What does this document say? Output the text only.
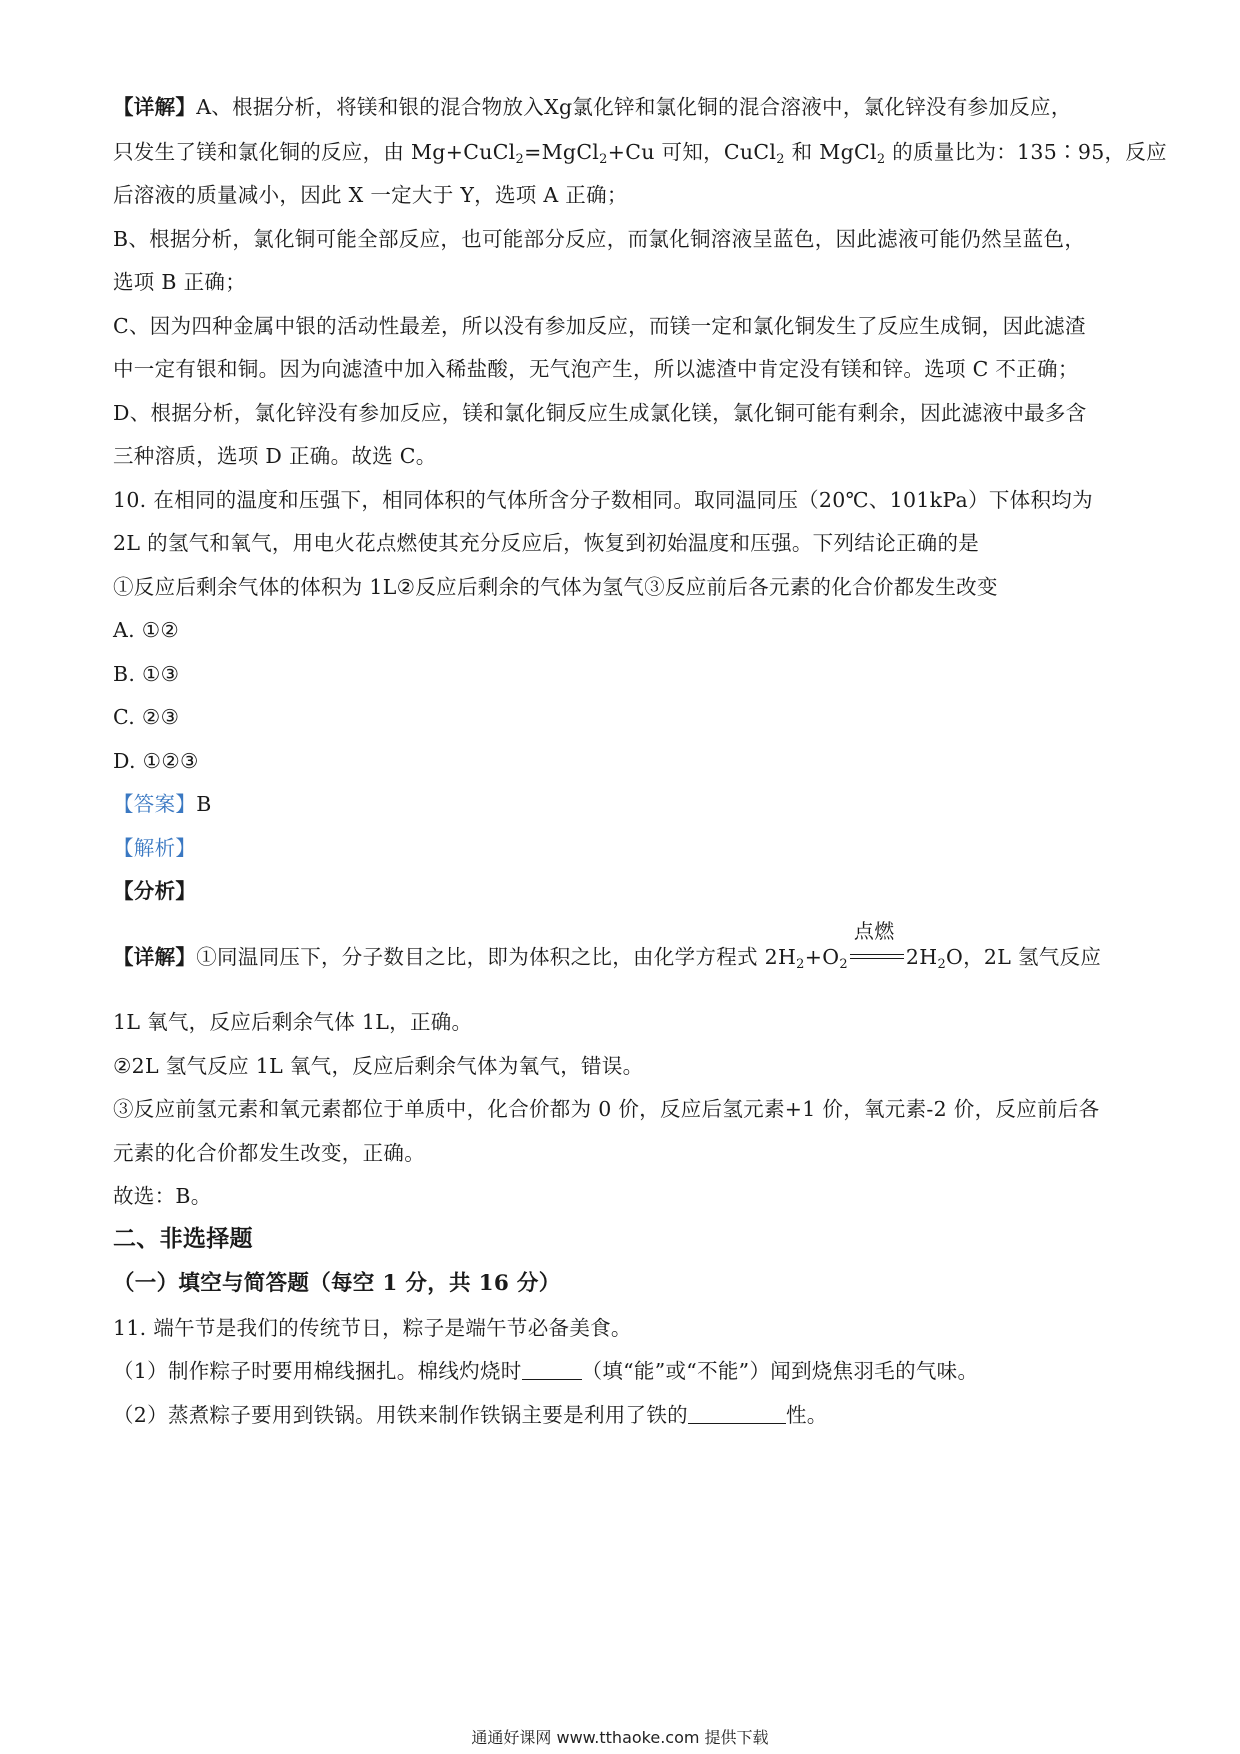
【详解】A、根据分析，将镁和银的混合物放入Xg氯化锌和氯化铜的混合溶液中，氯化锌没有参加反应，
只发生了镁和氯化铜的反应，由 Mg+CuCl$_2$=MgCl$_2$+Cu 可知，CuCl$_2$ 和 MgCl$_2$ 的质量比为：135∶95，反应
后溶液的质量减小，因此 X 一定大于 Y，选项 A 正确；
B、根据分析，氯化铜可能全部反应，也可能部分反应，而氯化铜溶液呈蓝色，因此滤液可能仍然呈蓝色，
选项 B 正确；
C、因为四种金属中银的活动性最差，所以没有参加反应，而镁一定和氯化铜发生了反应生成铜，因此滤渣
中一定有银和铜。因为向滤渣中加入稀盐酸，无气泡产生，所以滤渣中肯定没有镁和锌。选项 C 不正确；
D、根据分析，氯化锌没有参加反应，镁和氯化铜反应生成氯化镁，氯化铜可能有剩余，因此滤液中最多含
三种溶质，选项 D 正确。故选 C。
10. 在相同的温度和压强下，相同体积的气体所含分子数相同。取同温同压（20℃、101kPa）下体积均为
2L 的氢气和氧气，用电火花点燃使其充分反应后，恢复到初始温度和压强。下列结论正确的是
①反应后剩余气体的体积为 1L②反应后剩余的气体为氢气③反应前后各元素的化合价都发生改变
A. ①②
B. ①③
C. ②③
D. ①②③
【答案】B
【解析】
【分析】
【详解】①同温同压下，分子数目之比，即为体积之比，由化学方程式 $2H_2+O_2$
点燃
$2H_2O$，2L 氢气反应
1L 氧气，反应后剩余气体 1L，正确。
②2L 氢气反应 1L 氧气，反应后剩余气体为氧气，错误。
③反应前氢元素和氧元素都位于单质中，化合价都为 0 价，反应后氢元素+1 价，氧元素-2 价，反应前后各
元素的化合价都发生改变，正确。
故选：B。
二、非选择题
（一）填空与简答题（每空 1 分，共 16 分）
11. 端午节是我们的传统节日，粽子是端午节必备美食。
（1）制作粽子时要用棉线捆扎。棉线灼烧时	（填“能”或“不能”）闻到烧焦羽毛的气味。
（2）蒸煮粽子要用到铁锅。用铁来制作铁锅主要是利用了铁的	性。
通通好课网 www.tthaoke.com 提供下载
